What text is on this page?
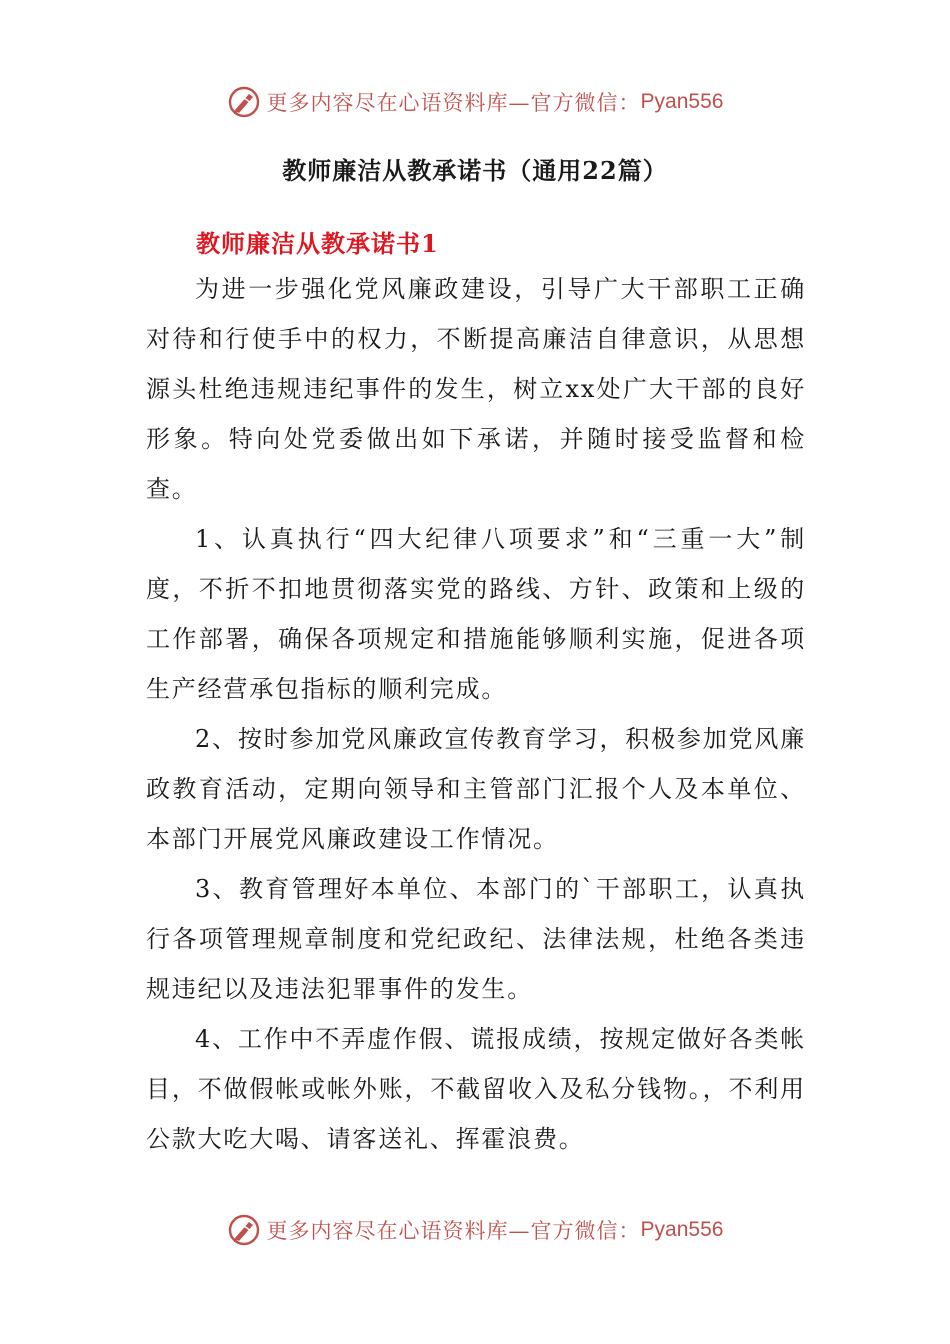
更多内容尽在心语资料库—官方微信： Pyan556
教师廉洁从教承诺书（通用22篇）
教师廉洁从教承诺书1

为进一步强化党风廉政建设，引导广大干部职工正确对待和行使手中的权力，不断提高廉洁自律意识，从思想源头杜绝违规违纪事件的发生，树立xx处广大干部的良好形象。特向处党委做出如下承诺，并随时接受监督和检查。

1、认真执行“四大纪律八项要求”和“三重一大”制度，不折不扣地贯彻落实党的路线、方针、政策和上级的工作部署，确保各项规定和措施能够顺利实施，促进各项生产经营承包指标的顺利完成。

2、按时参加党风廉政宣传教育学习，积极参加党风廉政教育活动，定期向领导和主管部门汇报个人及本单位、本部门开展党风廉政建设工作情况。

3、教育管理好本单位、本部门的`干部职工，认真执行各项管理规章制度和党纪政纪、法律法规，杜绝各类违规违纪以及违法犯罪事件的发生。

4、工作中不弄虚作假、谎报成绩，按规定做好各类帐目，不做假帐或帐外账，不截留收入及私分钱物。，不利用公款大吃大喝、请客送礼、挥霍浪费。

更多内容尽在心语资料库—官方微信： Pyan556
